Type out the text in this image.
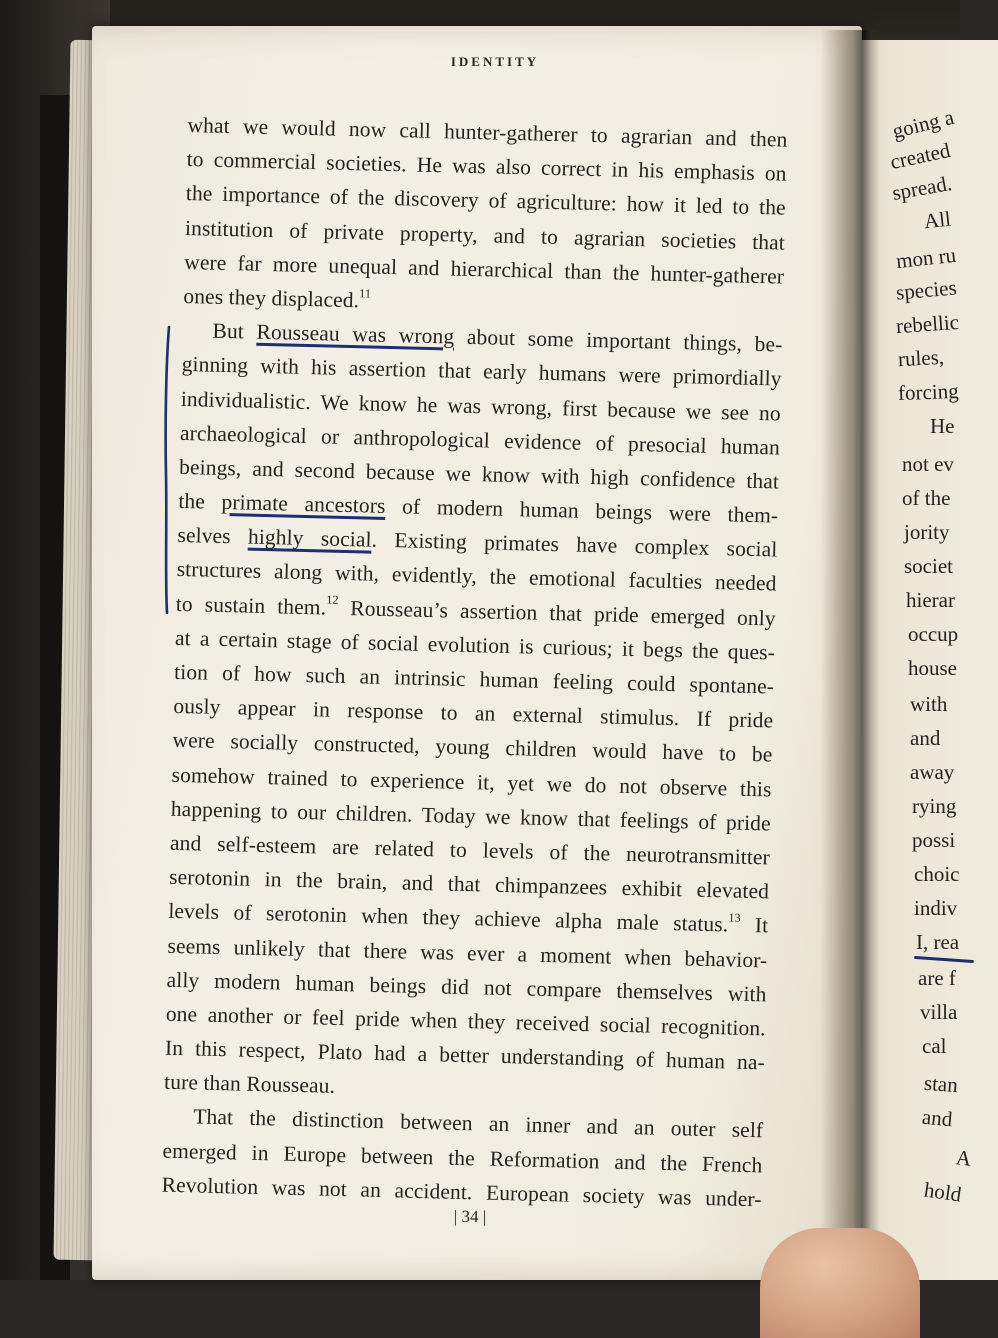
IDENTITY
what we would now call hunter-gatherer to agrarian and then
to commercial societies. He was also correct in his emphasis on
the importance of the discovery of agriculture: how it led to the
institution of private property, and to agrarian societies that
were far more unequal and hierarchical than the hunter-gatherer
ones they displaced.$^{11}$
But Rousseau was wrong about some important things, be-
ginning with his assertion that early humans were primordially
individualistic. We know he was wrong, first because we see no
archaeological or anthropological evidence of presocial human
beings, and second because we know with high confidence that
the primate ancestors of modern human beings were them-
selves highly social. Existing primates have complex social
structures along with, evidently, the emotional faculties needed
to sustain them.$^{12}$ Rousseau’s assertion that pride emerged only
at a certain stage of social evolution is curious; it begs the ques-
tion of how such an intrinsic human feeling could spontane-
ously appear in response to an external stimulus. If pride
were socially constructed, young children would have to be
somehow trained to experience it, yet we do not observe this
happening to our children. Today we know that feelings of pride
and self-esteem are related to levels of the neurotransmitter
serotonin in the brain, and that chimpanzees exhibit elevated
levels of serotonin when they achieve alpha male status.$^{13}$ It
seems unlikely that there was ever a moment when behavior-
ally modern human beings did not compare themselves with
one another or feel pride when they received social recognition.
In this respect, Plato had a better understanding of human na-
ture than Rousseau.
That the distinction between an inner and an outer self
emerged in Europe between the Reformation and the French
Revolution was not an accident. European society was under-
| 34 |
going a
created
spread.
All
mon ru
species
rebellic
rules,
forcing
He
not ev
of the
jority
societ
hierar
occup
house
with
and
away
rying
possi
choic
indiv
I, rea
are f
villa
cal
stan
and
A
hold
